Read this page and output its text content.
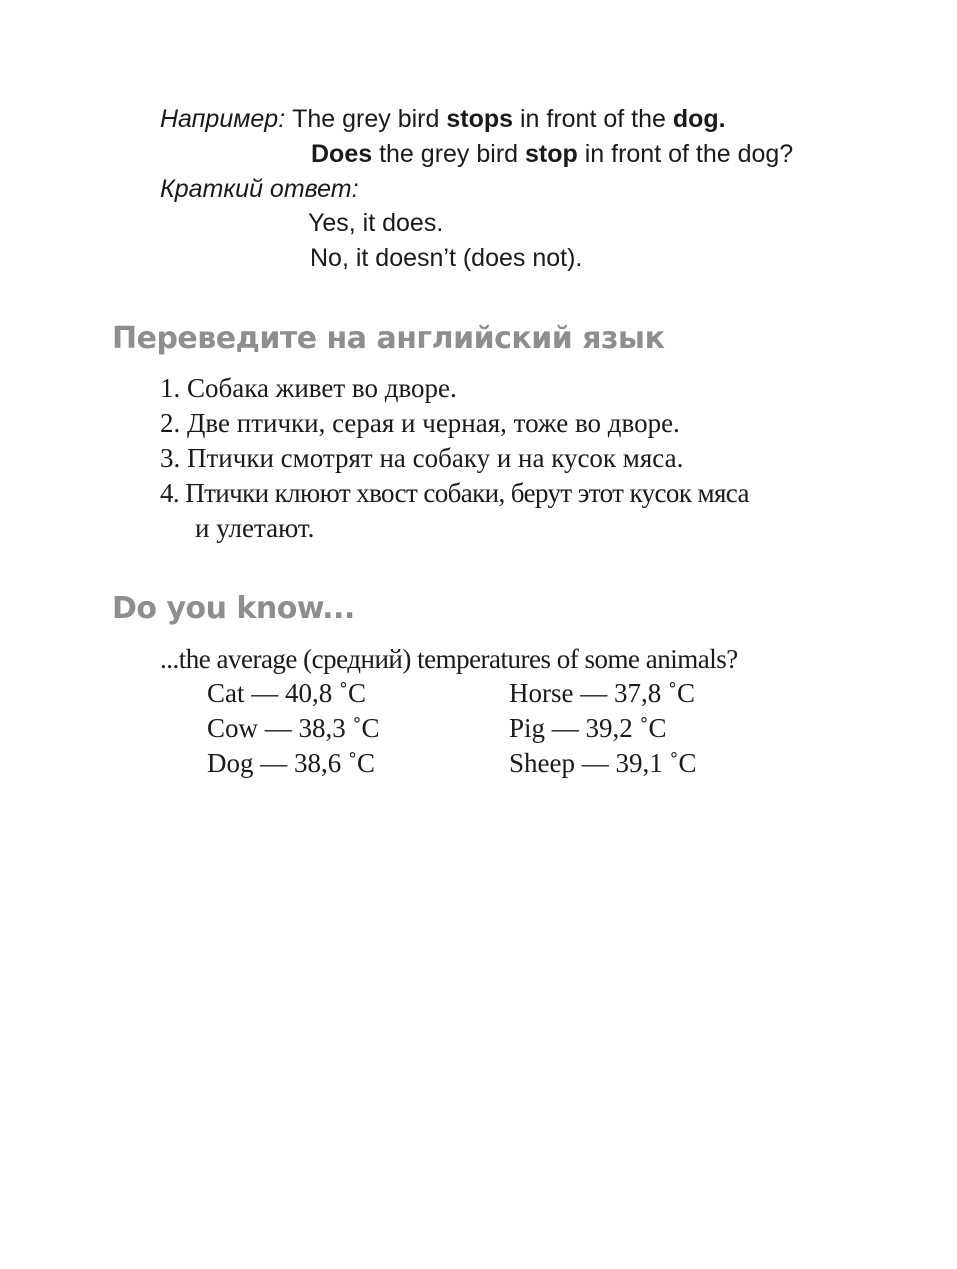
Например: The grey bird stops in front of the dog.
Does the grey bird stop in front of the dog?
Краткий ответ:
Yes, it does.
No, it doesn’t (does not).
Переведите на английский язык
1. Собака живет во дворе.
2. Две птички, серая и черная, тоже во дворе.
3. Птички смотрят на собаку и на кусок мяса.
4. Птички клюют хвост собаки, берут этот кусок мяса
и улетают.
Do you know...
...the average (средний) temperatures of some animals?
Cat — 40,8 ˚C
Cow — 38,3 ˚C
Dog — 38,6 ˚C
Horse — 37,8 ˚C
Pig — 39,2 ˚C
Sheep — 39,1 ˚C
